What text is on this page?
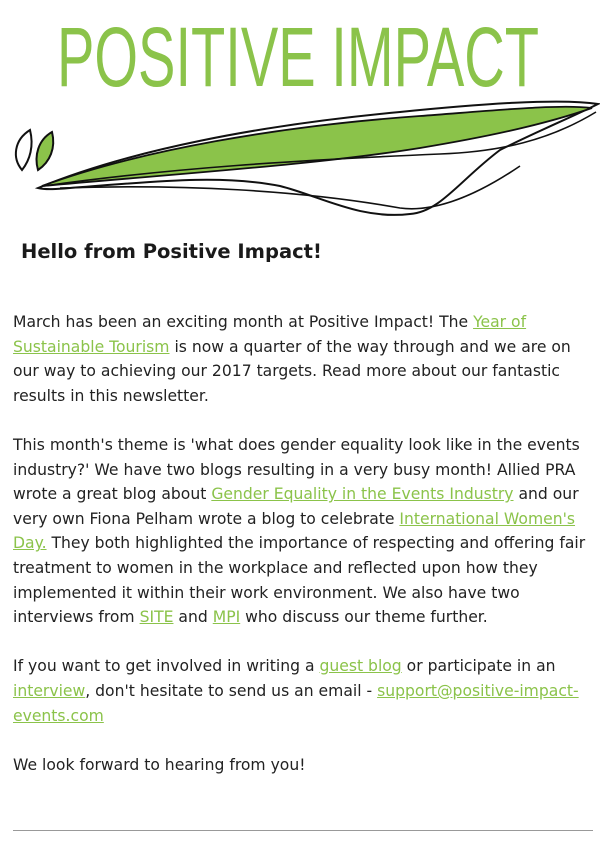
POSITIVE IMPACT
Hello from Positive Impact!

March has been an exciting month at Positive Impact! The Year of Sustainable Tourism is now a quarter of the way through and we are on our way to achieving our 2017 targets. Read more about our fantastic results in this newsletter.

This month's theme is 'what does gender equality look like in the events industry?' We have two blogs resulting in a very busy month! Allied PRA wrote a great blog about Gender Equality in the Events Industry and our very own Fiona Pelham wrote a blog to celebrate International Women's Day. They both highlighted the importance of respecting and offering fair treatment to women in the workplace and reflected upon how they implemented it within their work environment. We also have two interviews from SITE and MPI who discuss our theme further.

If you want to get involved in writing a guest blog or participate in an interview, don't hesitate to send us an email - support@positive-impact-events.com

We look forward to hearing from you!
